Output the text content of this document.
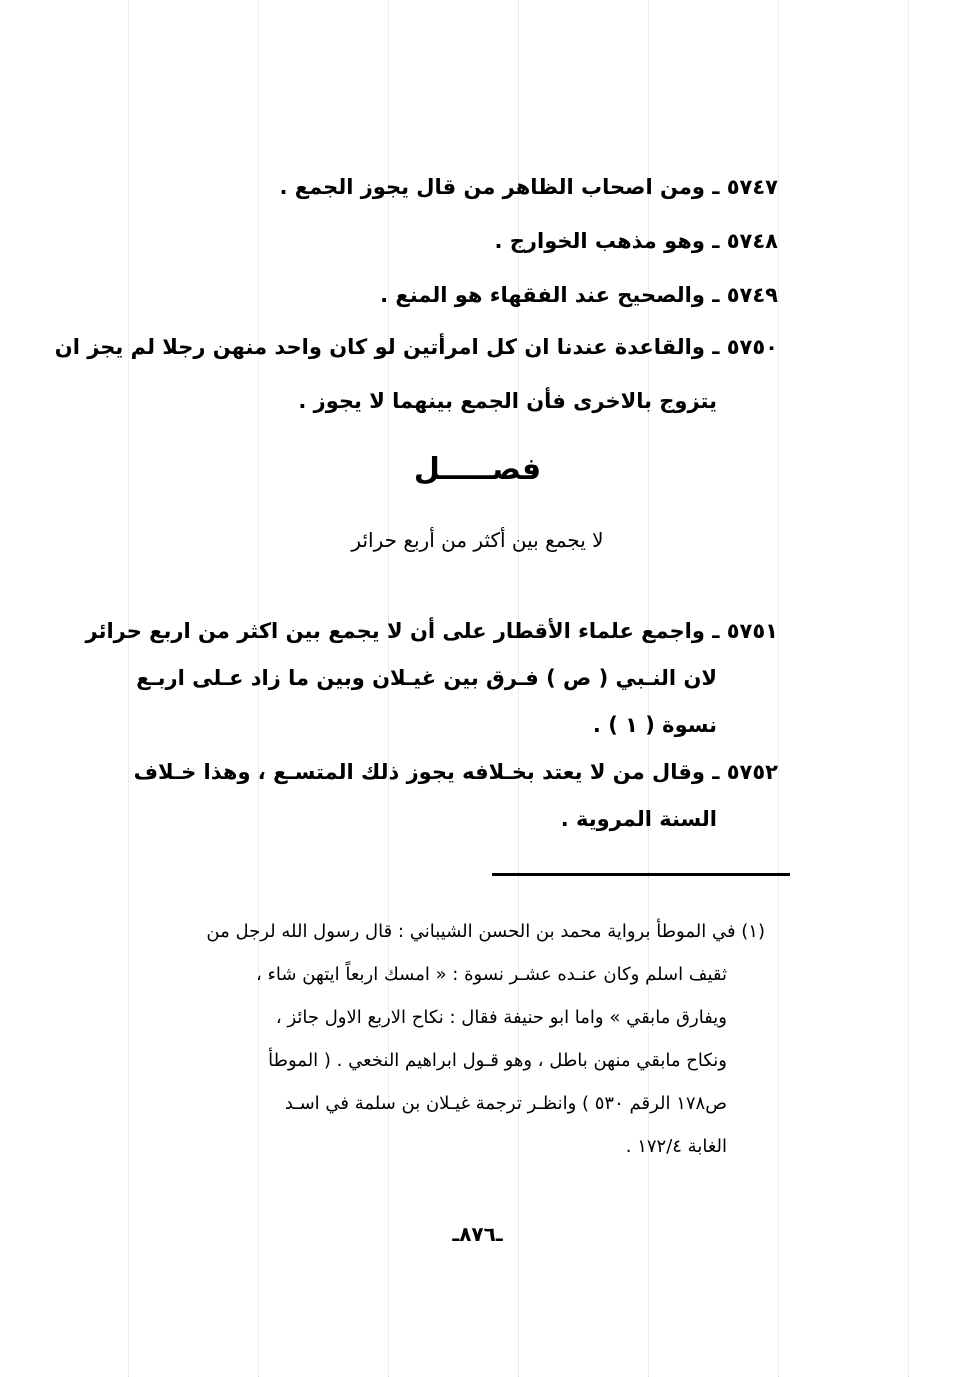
٥٧٤٧ ـ ومن اصحاب الظاهر من قال يجوز الجمع .
٥٧٤٨ ـ وهو مذهب الخوارج .
٥٧٤٩ ـ والصحيح عند الفقهاء هو المنع .
٥٧٥٠ ـ والقاعدة عندنا ان كل امرأتين لو كان واحد منهن رجلا لم يجز ان
يتزوج بالاخرى فأن الجمع بينهما لا يجوز .
فصـــــل
لا يجمع بين أكثر من أربع حرائر
٥٧٥١ ـ واجمع علماء الأقطار على أن لا يجمع بين اكثر من اربع حرائر
لان النـبي ( ص ) فـرق بين غيـلان وبين ما زاد عـلى اربـع
نسوة ( ١ ) .
٥٧٥٢ ـ وقال من لا يعتد بخـلافه يجوز ذلك المتسـع ، وهذا خـلاف
السنة المروية .
(١) في الموطأ برواية محمد بن الحسن الشيباني : قال رسول الله لرجل من
ثقيف اسلم وكان عنـده عشـر نسوة : « امسك اربعاً ايتهن شاء ،
ويفارق مابقي » واما ابو حنيفة فقال : نكاح الاربع الاول جائز ،
ونكاح مابقي منهن باطل ، وهو قـول ابراهيم النخعي . ( الموطأ
ص١٧٨ الرقم ٥٣٠ ) وانظـر ترجمة غيـلان بن سلمة في اسـد
الغابة ١٧٢/٤ .
ـ٨٧٦ـ
